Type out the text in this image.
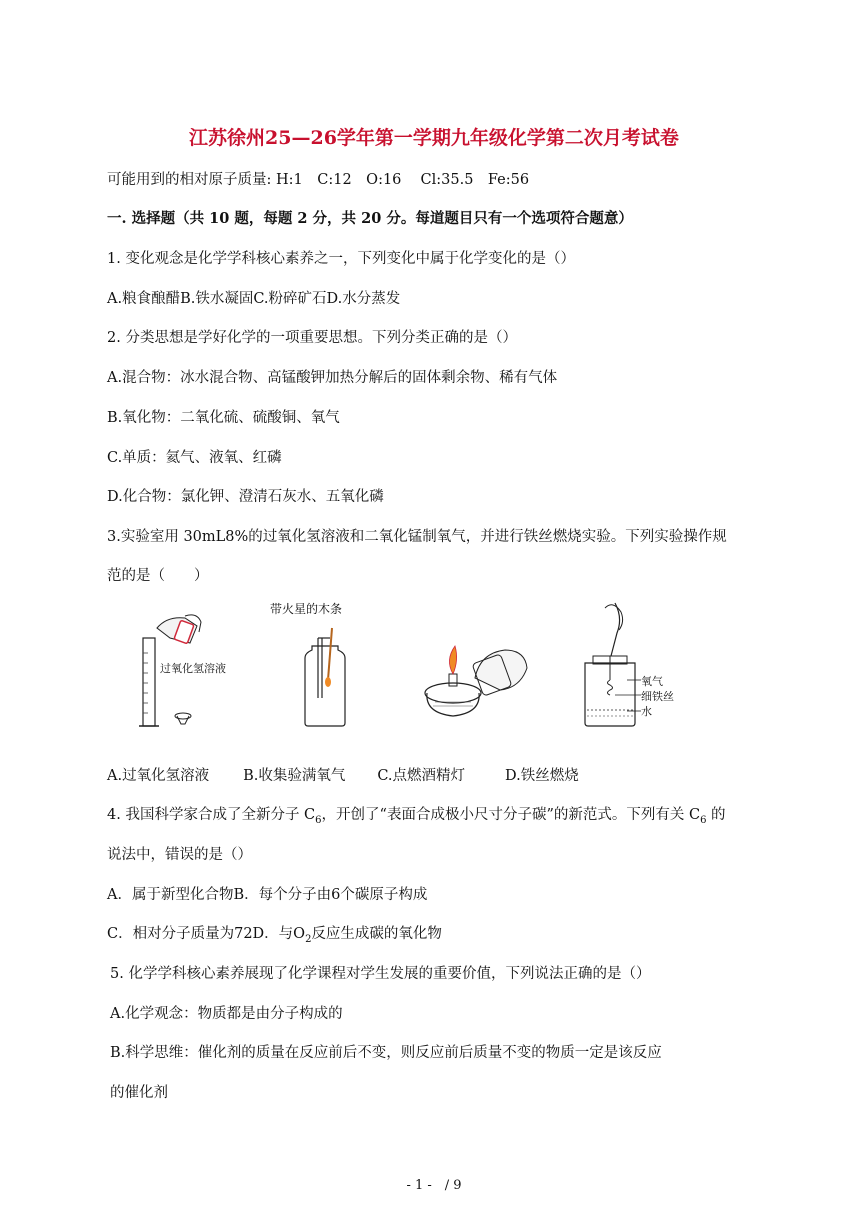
江苏徐州25—26学年第一学期九年级化学第二次月考试卷
可能用到的相对原子质量: H:1　C:12　O:16　 Cl:35.5　Fe:56
一. 选择题（共 10 题，每题 2 分，共 20 分。每道题目只有一个选项符合题意）
1. 变化观念是化学学科核心素养之一，下列变化中属于化学变化的是（）
A.粮食酿醋B.铁水凝固C.粉碎矿石D.水分蒸发
2. 分类思想是学好化学的一项重要思想。下列分类正确的是（）
A.混合物：冰水混合物、高锰酸钾加热分解后的固体剩余物、稀有气体
B.氧化物：二氧化硫、硫酸铜、氧气
C.单质：氦气、液氧、红磷
D.化合物：氯化钾、澄清石灰水、五氧化磷
3.实验室用 30mL8%的过氧化氢溶液和二氧化锰制氧气，并进行铁丝燃烧实验。下列实验操作规
范的是（　　）
过氧化氢溶液
带火星的木条
氧气
细铁丝
水
A.过氧化氢溶液 B.收集验满氧气 C.点燃酒精灯	D.铁丝燃烧
4. 我国科学家合成了全新分子 $C_6$，开创了“表面合成极小尺寸分子碳”的新范式。下列有关 $C_6$ 的
说法中，错误的是（）
A．属于新型化合物B．每个分子由6个碳原子构成
C．相对分子质量为72D．与$O_2$反应生成碳的氧化物
5. 化学学科核心素养展现了化学课程对学生发展的重要价值，下列说法正确的是（）
A.化学观念：物质都是由分子构成的
B.科学思维：催化剂的质量在反应前后不变，则反应前后质量不变的物质一定是该反应
的催化剂
- 1 -　/ 9
